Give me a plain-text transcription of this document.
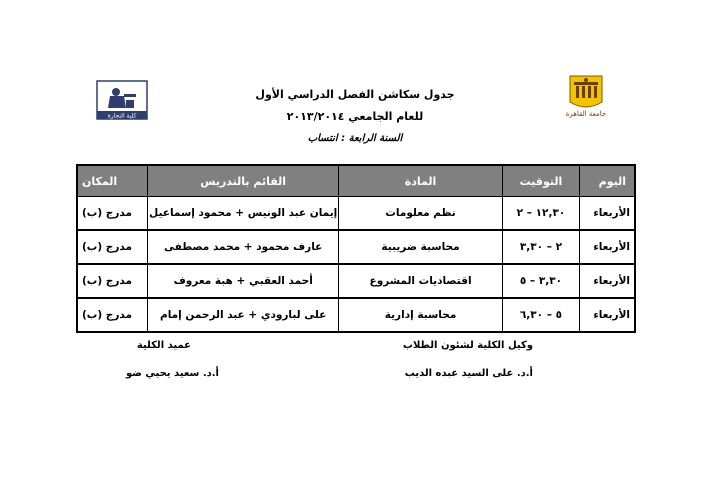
جامعة القاهرة
كلية التجارة
جدول سكاشن الفصل الدراسي الأول
للعام الجامعي ٢٠١٣/٢٠١٤
السنة الرابعة : انتساب
اليوم	التوقيت	المادة	القائم بالتدريس	المكان
الأربعاء	١٢,٣٠ – ٢	نظم معلومات	إيمان عبد الونيس + محمود إسماعيل	مدرج (ب)
الأربعاء	٢ – ٣,٣٠	محاسبة ضريبية	عارف محمود + محمد مصطفى	مدرج (ب)
الأربعاء	٣,٣٠ – ٥	اقتصاديات المشروع	أحمد العقبي + هبة معروف	مدرج (ب)
الأربعاء	٥ – ٦,٣٠	محاسبة إدارية	على لبارودي + عبد الرحمن إمام	مدرج (ب)
وكيل الكلية لشئون الطلاب
أ.د. على السيد عبده الديب
عميد الكلية
أ.د. سعيد يحيي ضو
